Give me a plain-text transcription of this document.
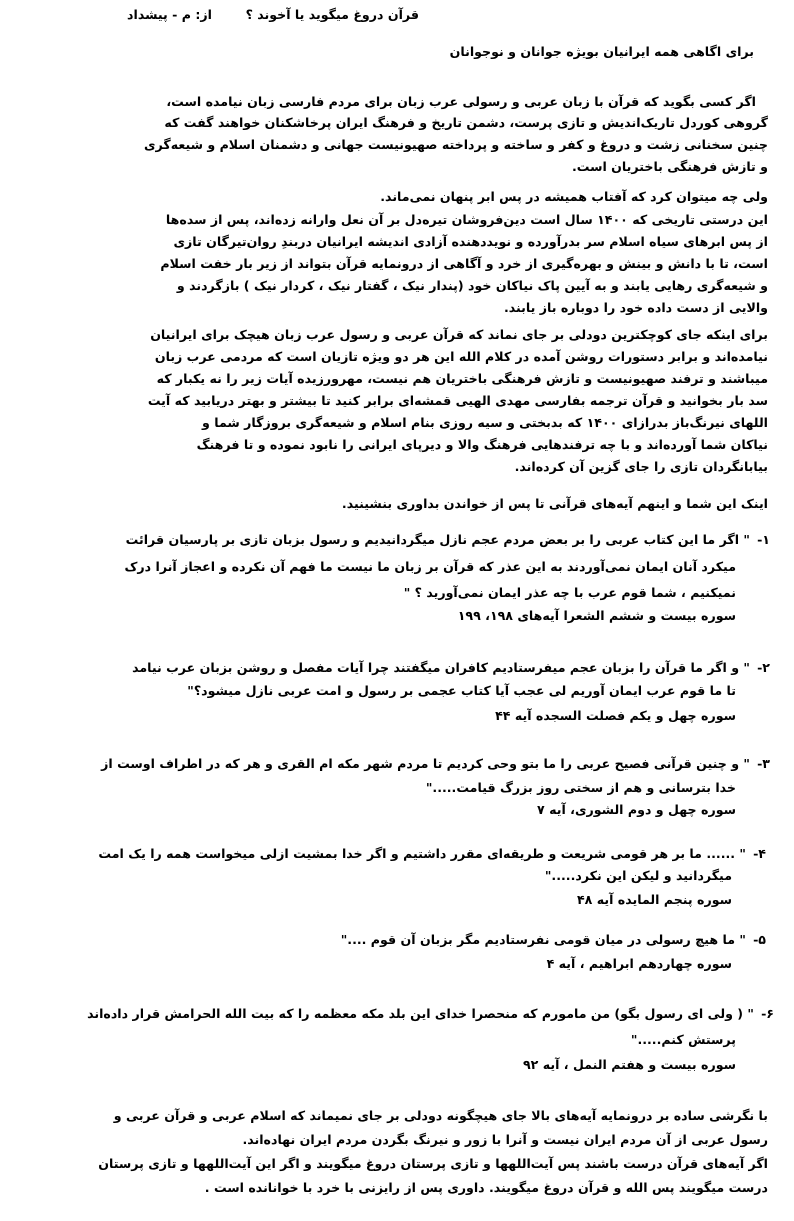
قرآن دروغ میگوید یا آخوند ؟
از: م - پیشداد
برای اگاهی همه ایرانیان بویژه جوانان و نوجوانان
اگر کسی بگوید که قرآن با زبان عربی و رسولی عرب زبان برای مردم فارسی زبان نیامده است،
گروهی کوردل تاریک‌اندیش و تازی پرست، دشمن تاریخ و فرهنگ ایران پرخاشکنان خواهند گفت که
چنین سخنانی زشت و دروغ و کفر و ساخته و پرداخته صهیونیست جهانی و دشمنان اسلام و شیعه‌گری
و تازش فرهنگی باختریان است.
ولی چه میتوان کرد که آفتاب همیشه در پس ابر پنهان نمی‌ماند.
این درستی تاریخی که ۱۴۰۰ سال است دین‌فروشان تیره‌دل بر آن نعل وارانه زده‌اند، پس از سده‌ها
از پس ابرهای سیاه اسلام سر بدرآورده و نویددهنده آزادی اندیشه ایرانیان دربندِ روان‌تیرگان تازی
است، تا با دانش و بینش و بهره‌گیری از خرد و آگاهی از درونمایه قرآن بتواند از زیر بار خفت اسلام
و شیعه‌گری رهایی یابند و به آیین پاک نیاکان خود (پندار نیک ، گفتار نیک ، کردار نیک ) بازگردند و
والایی از دست داده خود را دوباره باز یابند.
برای اینکه جای کوچکترین دودلی بر جای نماند که قرآن عربی و رسول عرب زبان هیچک برای ایرانیان
نیامده‌اند و برابر دستورات روشن آمده در کلام الله این هر دو ویژه تازیان است که مردمی عرب زبان
میباشند و ترفند صهیونیست و تازش فرهنگی باختریان هم نیست، مهرورزیده آیات زیر را نه یکبار که
سد بار بخوانید و قرآن ترجمه بفارسی مهدی الهیی قمشه‌ای برابر کنید تا بیشتر و بهتر دریابید که آیت
اللهای نیرنگ‌باز بدرازای ۱۴۰۰ که بدبختی و سیه روزی بنام اسلام و شیعه‌گری بروزگار شما و
نیاکان شما آورده‌اند و با چه ترفندهایی فرهنگ والا و دیرپای ایرانی را نابود نموده و تا فرهنگ
بیابانگردان تازی را جای گزین آن کرده‌اند.
اینک این شما و اینهم آیه‌های قرآنی تا پس از خواندن بداوری بنشینید.
-۱
" اگر ما این کتاب عربی را بر بعض مردم عجم نازل میگردانیدیم و رسول بزبان تازی بر پارسیان قرائت
میکرد آنان ایمان نمی‌آوردند به این عذر که قرآن بر زبان ما نیست ما فهم آن نکرده و اعجاز آنرا درک
نمیکنیم ، شما قوم عرب با چه عذر ایمان نمی‌آورید ؟ "
سوره بیست و ششم الشعرا آیه‌های ۱۹۸، ۱۹۹
-۲
" و اگر ما قرآن را بزبان عجم میفرستادیم کافران میگفتند چرا آیات مفصل و روشن بزبان عرب نیامد
تا ما قوم عرب ایمان آوریم لی عجب آیا کتاب عجمی بر رسول و امت عربی نازل میشود؟"
سوره چهل و یکم فصلت السجده آیه ۴۴
-۳
" و چنین قرآنی فصیح عربی را ما بتو وحی کردیم تا مردم شهر مکه ام القری و هر که در اطراف اوست از
خدا بترسانی و هم از سختی روز بزرگ قیامت....."
سوره چهل و دوم الشوری، آیه ۷
-۴
" ...... ما بر هر قومی شریعت و طریقه‌ای مقرر داشتیم و اگر خدا بمشیت ازلی میخواست همه را یک امت
میگردانید و لیکن این نکرد....."
سوره پنجم المایده آیه ۴۸
-۵
" ما هیچ رسولی در میان قومی نفرستادیم مگر بزبان آن قوم ...."
سوره چهاردهم ابراهیم ، آیه ۴
-۶
" ( ولی ای رسول بگو) من مامورم که منحصرا خدای این بلد مکه معظمه را که بیت الله الحرامش قرار داده‌اند
پرستش کنم....."
سوره بیست و هفتم النمل ، آیه ۹۲
با نگرشی ساده بر درونمایه آیه‌های بالا جای هیچگونه دودلی بر جای نمیماند که اسلام عربی و قرآن عربی و
رسول عربی از آن مردم ایران نیست و آنرا با زور و نیرنگ بگردن مردم ایران نهاده‌اند.
اگر آیه‌های قرآن درست باشند پس آیت‌اللهها و تازی پرستان دروغ میگویند و اگر این آیت‌اللهها و تازی پرستان
درست میگویند پس الله و قرآن دروغ میگویند. داوری پس از رایزنی با خرد با خوانانده است .
